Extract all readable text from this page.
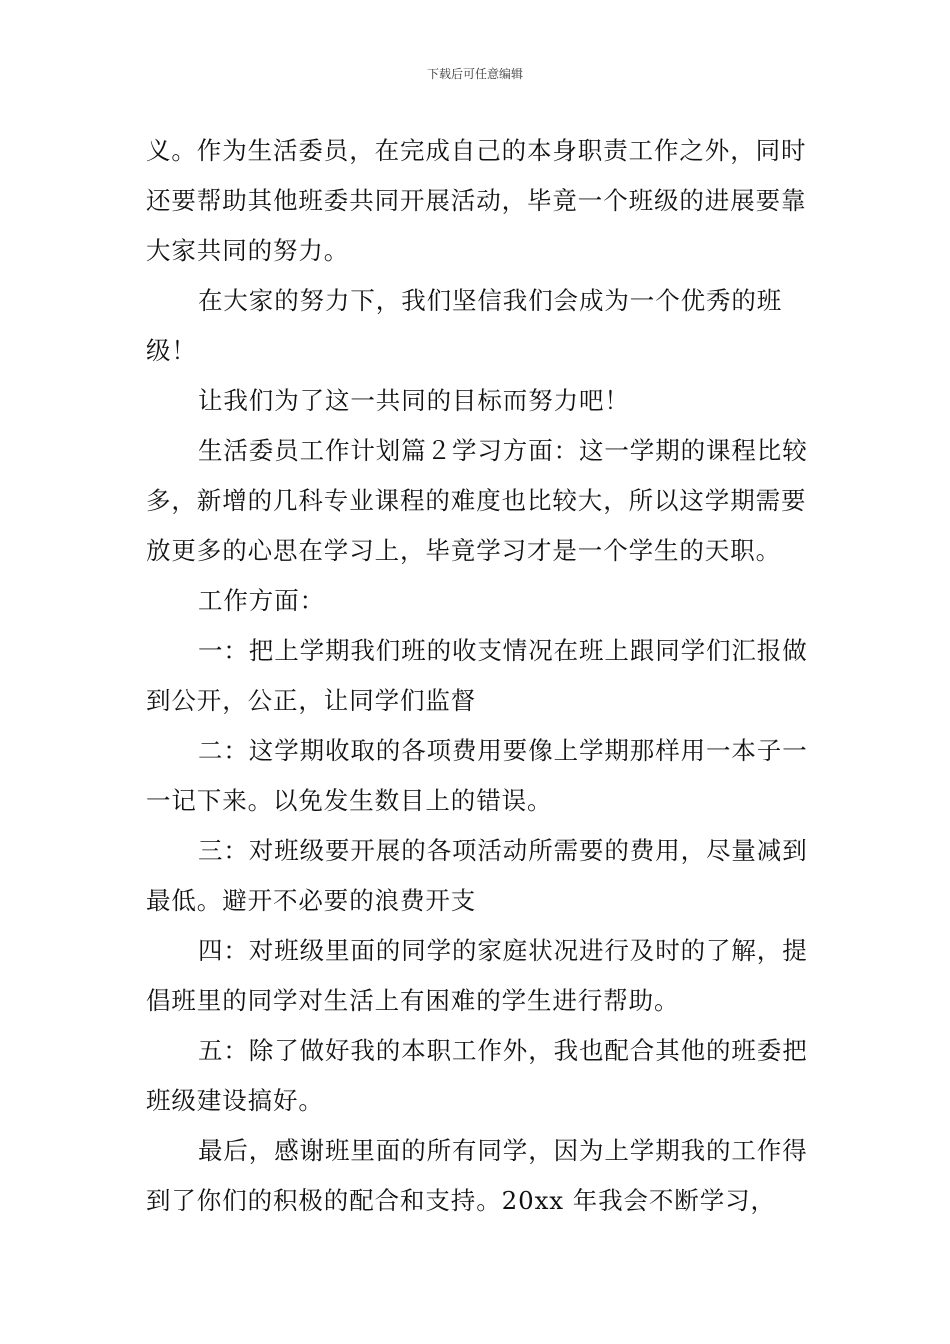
下载后可任意编辑

义。作为生活委员，在完成自己的本身职责工作之外，同时还要帮助其他班委共同开展活动，毕竟一个班级的进展要靠大家共同的努力。

在大家的努力下，我们坚信我们会成为一个优秀的班级！

让我们为了这一共同的目标而努力吧！

生活委员工作计划篇２学习方面：这一学期的课程比较多，新增的几科专业课程的难度也比较大，所以这学期需要放更多的心思在学习上，毕竟学习才是一个学生的天职。

工作方面：

一：把上学期我们班的收支情况在班上跟同学们汇报做到公开，公正，让同学们监督

二：这学期收取的各项费用要像上学期那样用一本子一一记下来。以免发生数目上的错误。

三：对班级要开展的各项活动所需要的费用，尽量减到最低。避开不必要的浪费开支

四：对班级里面的同学的家庭状况进行及时的了解，提倡班里的同学对生活上有困难的学生进行帮助。

五：除了做好我的本职工作外，我也配合其他的班委把班级建设搞好。

最后，感谢班里面的所有同学，因为上学期我的工作得到了你们的积极的配合和支持。20xx 年我会不断学习，
